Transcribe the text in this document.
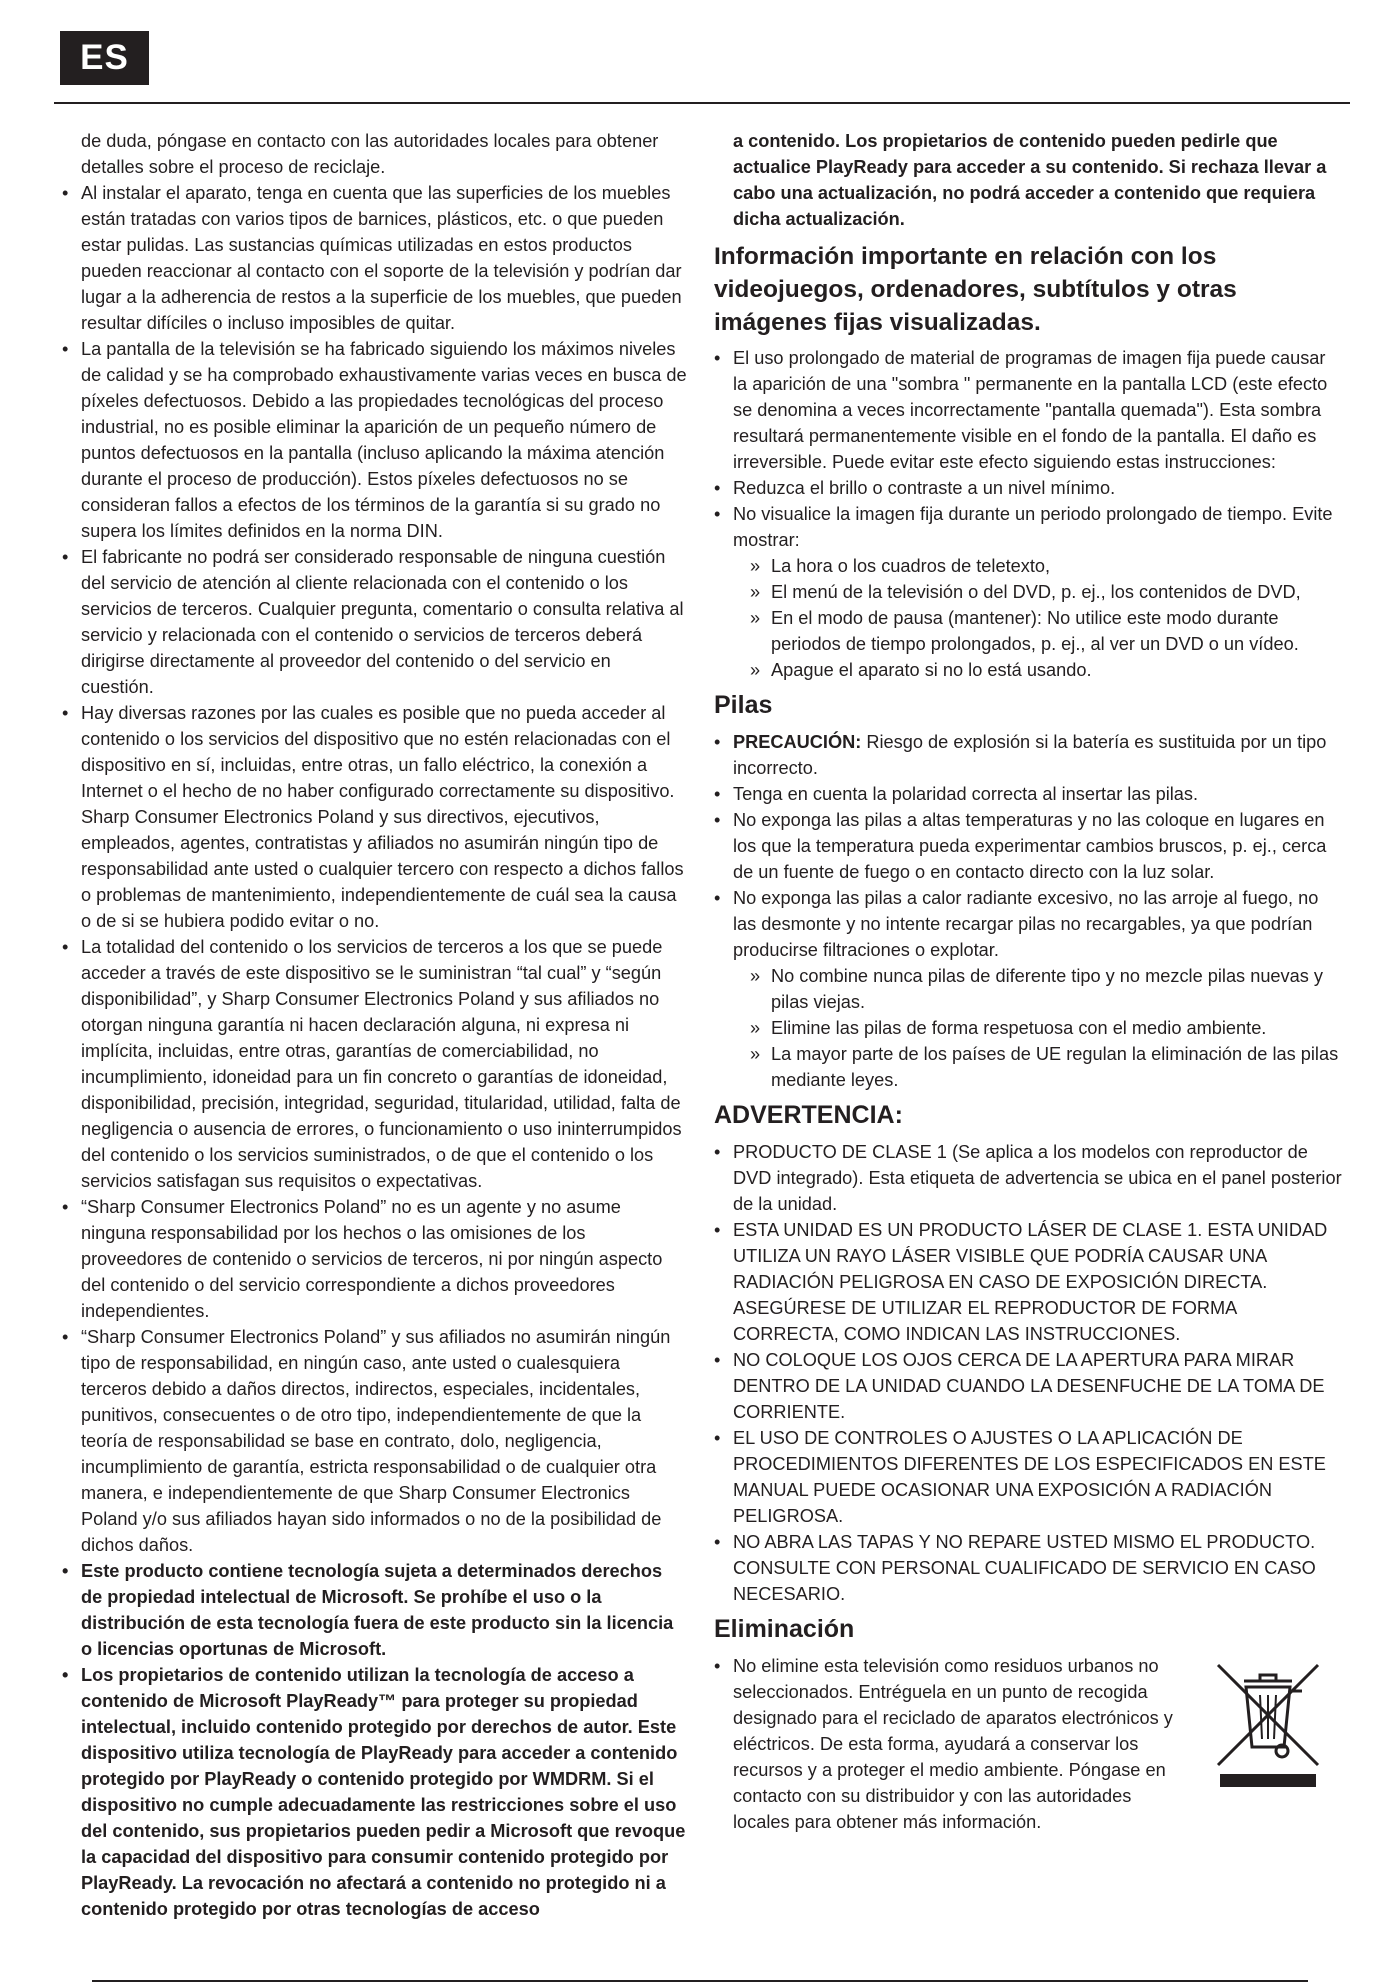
ES

de duda, póngase en contacto con las autoridades locales para obtener detalles sobre el proceso de reciclaje.

• Al instalar el aparato, tenga en cuenta que las superficies de los muebles están tratadas con varios tipos de barnices, plásticos, etc. o que pueden estar pulidas. Las sustancias químicas utilizadas en estos productos pueden reaccionar al contacto con el soporte de la televisión y podrían dar lugar a la adherencia de restos a la superficie de los muebles, que pueden resultar difíciles o incluso imposibles de quitar.
• La pantalla de la televisión se ha fabricado siguiendo los máximos niveles de calidad y se ha comprobado exhaustivamente varias veces en busca de píxeles defectuosos. Debido a las propiedades tecnológicas del proceso industrial, no es posible eliminar la aparición de un pequeño número de puntos defectuosos en la pantalla (incluso aplicando la máxima atención durante el proceso de producción). Estos píxeles defectuosos no se consideran fallos a efectos de los términos de la garantía si su grado no supera los límites definidos en la norma DIN.
• El fabricante no podrá ser considerado responsable de ninguna cuestión del servicio de atención al cliente relacionada con el contenido o los servicios de terceros. Cualquier pregunta, comentario o consulta relativa al servicio y relacionada con el contenido o servicios de terceros deberá dirigirse directamente al proveedor del contenido o del servicio en cuestión.
• Hay diversas razones por las cuales es posible que no pueda acceder al contenido o los servicios del dispositivo que no estén relacionadas con el dispositivo en sí, incluidas, entre otras, un fallo eléctrico, la conexión a Internet o el hecho de no haber configurado correctamente su dispositivo. Sharp Consumer Electronics Poland y sus directivos, ejecutivos, empleados, agentes, contratistas y afiliados no asumirán ningún tipo de responsabilidad ante usted o cualquier tercero con respecto a dichos fallos o problemas de mantenimiento, independientemente de cuál sea la causa o de si se hubiera podido evitar o no.
• La totalidad del contenido o los servicios de terceros a los que se puede acceder a través de este dispositivo se le suministran “tal cual” y “según disponibilidad”, y Sharp Consumer Electronics Poland y sus afiliados no otorgan ninguna garantía ni hacen declaración alguna, ni expresa ni implícita, incluidas, entre otras, garantías de comerciabilidad, no incumplimiento, idoneidad para un fin concreto o garantías de idoneidad, disponibilidad, precisión, integridad, seguridad, titularidad, utilidad, falta de negligencia o ausencia de errores, o funcionamiento o uso ininterrumpidos del contenido o los servicios suministrados, o de que el contenido o los servicios satisfagan sus requisitos o expectativas.
• “Sharp Consumer Electronics Poland” no es un agente y no asume ninguna responsabilidad por los hechos o las omisiones de los proveedores de contenido o servicios de terceros, ni por ningún aspecto del contenido o del servicio correspondiente a dichos proveedores independientes.
• “Sharp Consumer Electronics Poland” y sus afiliados no asumirán ningún tipo de responsabilidad, en ningún caso, ante usted o cualesquiera terceros debido a daños directos, indirectos, especiales, incidentales, punitivos, consecuentes o de otro tipo, independientemente de que la teoría de responsabilidad se base en contrato, dolo, negligencia, incumplimiento de garantía, estricta responsabilidad o de cualquier otra manera, e independientemente de que Sharp Consumer Electronics Poland y/o sus afiliados hayan sido informados o no de la posibilidad de dichos daños.
• Este producto contiene tecnología sujeta a determinados derechos de propiedad intelectual de Microsoft. Se prohíbe el uso o la distribución de esta tecnología fuera de este producto sin la licencia o licencias oportunas de Microsoft.
• Los propietarios de contenido utilizan la tecnología de acceso a contenido de Microsoft PlayReady™ para proteger su propiedad intelectual, incluido contenido protegido por derechos de autor. Este dispositivo utiliza tecnología de PlayReady para acceder a contenido protegido por PlayReady o contenido protegido por WMDRM. Si el dispositivo no cumple adecuadamente las restricciones sobre el uso del contenido, sus propietarios pueden pedir a Microsoft que revoque la capacidad del dispositivo para consumir contenido protegido por PlayReady. La revocación no afectará a contenido no protegido ni a contenido protegido por otras tecnologías de acceso

a contenido. Los propietarios de contenido pueden pedirle que actualice PlayReady para acceder a su contenido. Si rechaza llevar a cabo una actualización, no podrá acceder a contenido que requiera dicha actualización.

Información importante en relación con los videojuegos, ordenadores, subtítulos y otras imágenes fijas visualizadas.
• El uso prolongado de material de programas de imagen fija puede causar la aparición de una "sombra " permanente en la pantalla LCD (este efecto se denomina a veces incorrectamente "pantalla quemada"). Esta sombra resultará permanentemente visible en el fondo de la pantalla. El daño es irreversible. Puede evitar este efecto siguiendo estas instrucciones:
• Reduzca el brillo o contraste a un nivel mínimo.
• No visualice la imagen fija durante un periodo prolongado de tiempo. Evite mostrar:
» La hora o los cuadros de teletexto,
» El menú de la televisión o del DVD, p. ej., los contenidos de DVD,
» En el modo de pausa (mantener): No utilice este modo durante periodos de tiempo prolongados, p. ej., al ver un DVD o un vídeo.
» Apague el aparato si no lo está usando.
Pilas
• PRECAUCIÓN: Riesgo de explosión si la batería es sustituida por un tipo incorrecto.
• Tenga en cuenta la polaridad correcta al insertar las pilas.
• No exponga las pilas a altas temperaturas y no las coloque en lugares en los que la temperatura pueda experimentar cambios bruscos, p. ej., cerca de un fuente de fuego o en contacto directo con la luz solar.
• No exponga las pilas a calor radiante excesivo, no las arroje al fuego, no las desmonte y no intente recargar pilas no recargables, ya que podrían producirse filtraciones o explotar.
» No combine nunca pilas de diferente tipo y no mezcle pilas nuevas y pilas viejas.
» Elimine las pilas de forma respetuosa con el medio ambiente.
» La mayor parte de los países de UE regulan la eliminación de las pilas mediante leyes.
ADVERTENCIA:
• PRODUCTO DE CLASE 1 (Se aplica a los modelos con reproductor de DVD integrado). Esta etiqueta de advertencia se ubica en el panel posterior de la unidad.
• ESTA UNIDAD ES UN PRODUCTO LÁSER DE CLASE 1. ESTA UNIDAD UTILIZA UN RAYO LÁSER VISIBLE QUE PODRÍA CAUSAR UNA RADIACIÓN PELIGROSA EN CASO DE EXPOSICIÓN DIRECTA. ASEGÚRESE DE UTILIZAR EL REPRODUCTOR DE FORMA CORRECTA, COMO INDICAN LAS INSTRUCCIONES.
• NO COLOQUE LOS OJOS CERCA DE LA APERTURA PARA MIRAR DENTRO DE LA UNIDAD CUANDO LA DESENFUCHE DE LA TOMA DE CORRIENTE.
• EL USO DE CONTROLES O AJUSTES O LA APLICACIÓN DE PROCEDIMIENTOS DIFERENTES DE LOS ESPECIFICADOS EN ESTE MANUAL PUEDE OCASIONAR UNA EXPOSICIÓN A RADIACIÓN PELIGROSA.
• NO ABRA LAS TAPAS Y NO REPARE USTED MISMO EL PRODUCTO. CONSULTE CON PERSONAL CUALIFICADO DE SERVICIO EN CASO NECESARIO.
Eliminación
• No elimine esta televisión como residuos urbanos no seleccionados. Entréguela en un punto de recogida designado para el reciclado de aparatos electrónicos y eléctricos. De esta forma, ayudará a conservar los recursos y a proteger el medio ambiente. Póngase en contacto con su distribuidor y con las autoridades locales para obtener más información.
